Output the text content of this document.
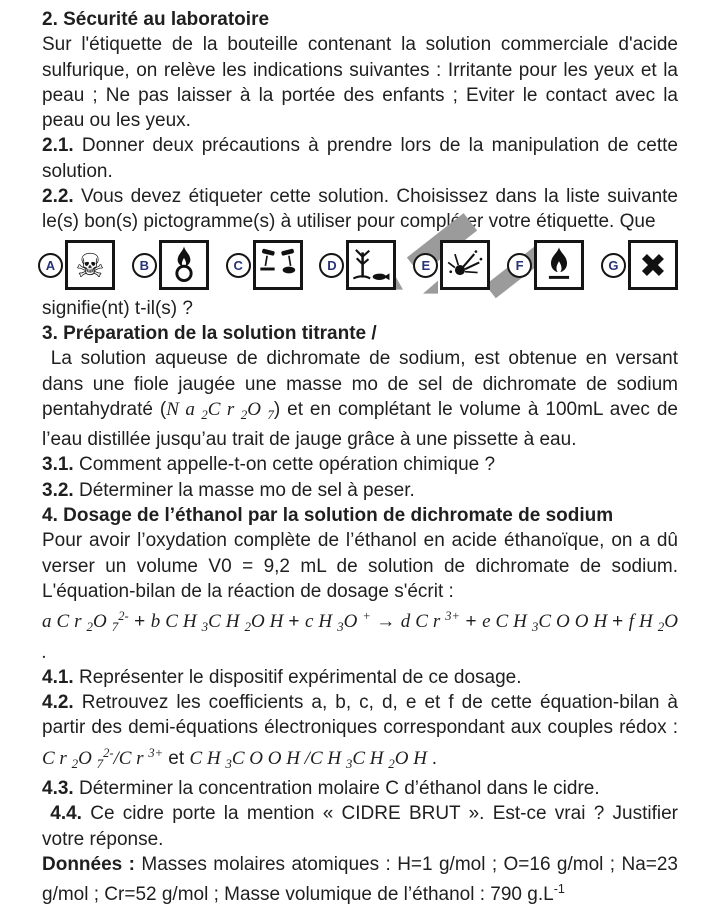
2. Sécurité au laboratoire

Sur l'étiquette de la bouteille contenant la solution commerciale d'acide sulfurique, on relève les indications suivantes : Irritante pour les yeux et la peau ; Ne pas laisser à la portée des enfants ; Eviter le contact avec la peau ou les yeux.

2.1. Donner deux précautions à prendre lors de la manipulation de cette solution.

2.2. Vous devez étiqueter cette solution. Choisissez dans la liste suivante le(s) bon(s) pictogramme(s) à utiliser pour compléter votre étiquette. Que

A ☠	B	C	D	E	F	G ✖

signifie(nt) t-il(s) ?

3. Préparation de la solution titrante /

La solution aqueuse de dichromate de sodium, est obtenue en versant dans une fiole jaugée une masse mo de sel de dichromate de sodium pentahydraté (N a $_2$C r $_2$O $_7$) et en complétant le volume à 100mL avec de l’eau distillée jusqu’au trait de jauge grâce à une pissette à eau.

3.1. Comment appelle-t-on cette opération chimique ?

3.2. Déterminer la masse mo de sel à peser.

4. Dosage de l’éthanol par la solution de dichromate de sodium

Pour avoir l’oxydation complète de l’éthanol en acide éthanoïque, on a dû verser un volume V0 = 9,2 mL de solution de dichromate de sodium. L'équation-bilan de la réaction de dosage s'écrit :

a C r $_2$O $_7^{2-}$ + b C H $_3$C H $_2$O H + c H $_3$O + → d C r $^{3+}$ + e C H $_3$C O O H + f H $_2$O .

4.1. Représenter le dispositif expérimental de ce dosage.

4.2. Retrouvez les coefficients a, b, c, d, e et f de cette équation-bilan à partir des demi-équations électroniques correspondant aux couples rédox : C r $_2$O $_7^{2-}$/C r $^{3+}$ et C H $_3$C O O H /C H $_3$C H $_2$O H .

4.3. Déterminer la concentration molaire C d’éthanol dans le cidre.

4.4. Ce cidre porte la mention « CIDRE BRUT ». Est-ce vrai ? Justifier votre réponse.

Données : Masses molaires atomiques : H=1 g/mol ; O=16 g/mol ; Na=23 g/mol ; Cr=52 g/mol ; Masse volumique de l’éthanol : 790 $g.L^{-1}$
